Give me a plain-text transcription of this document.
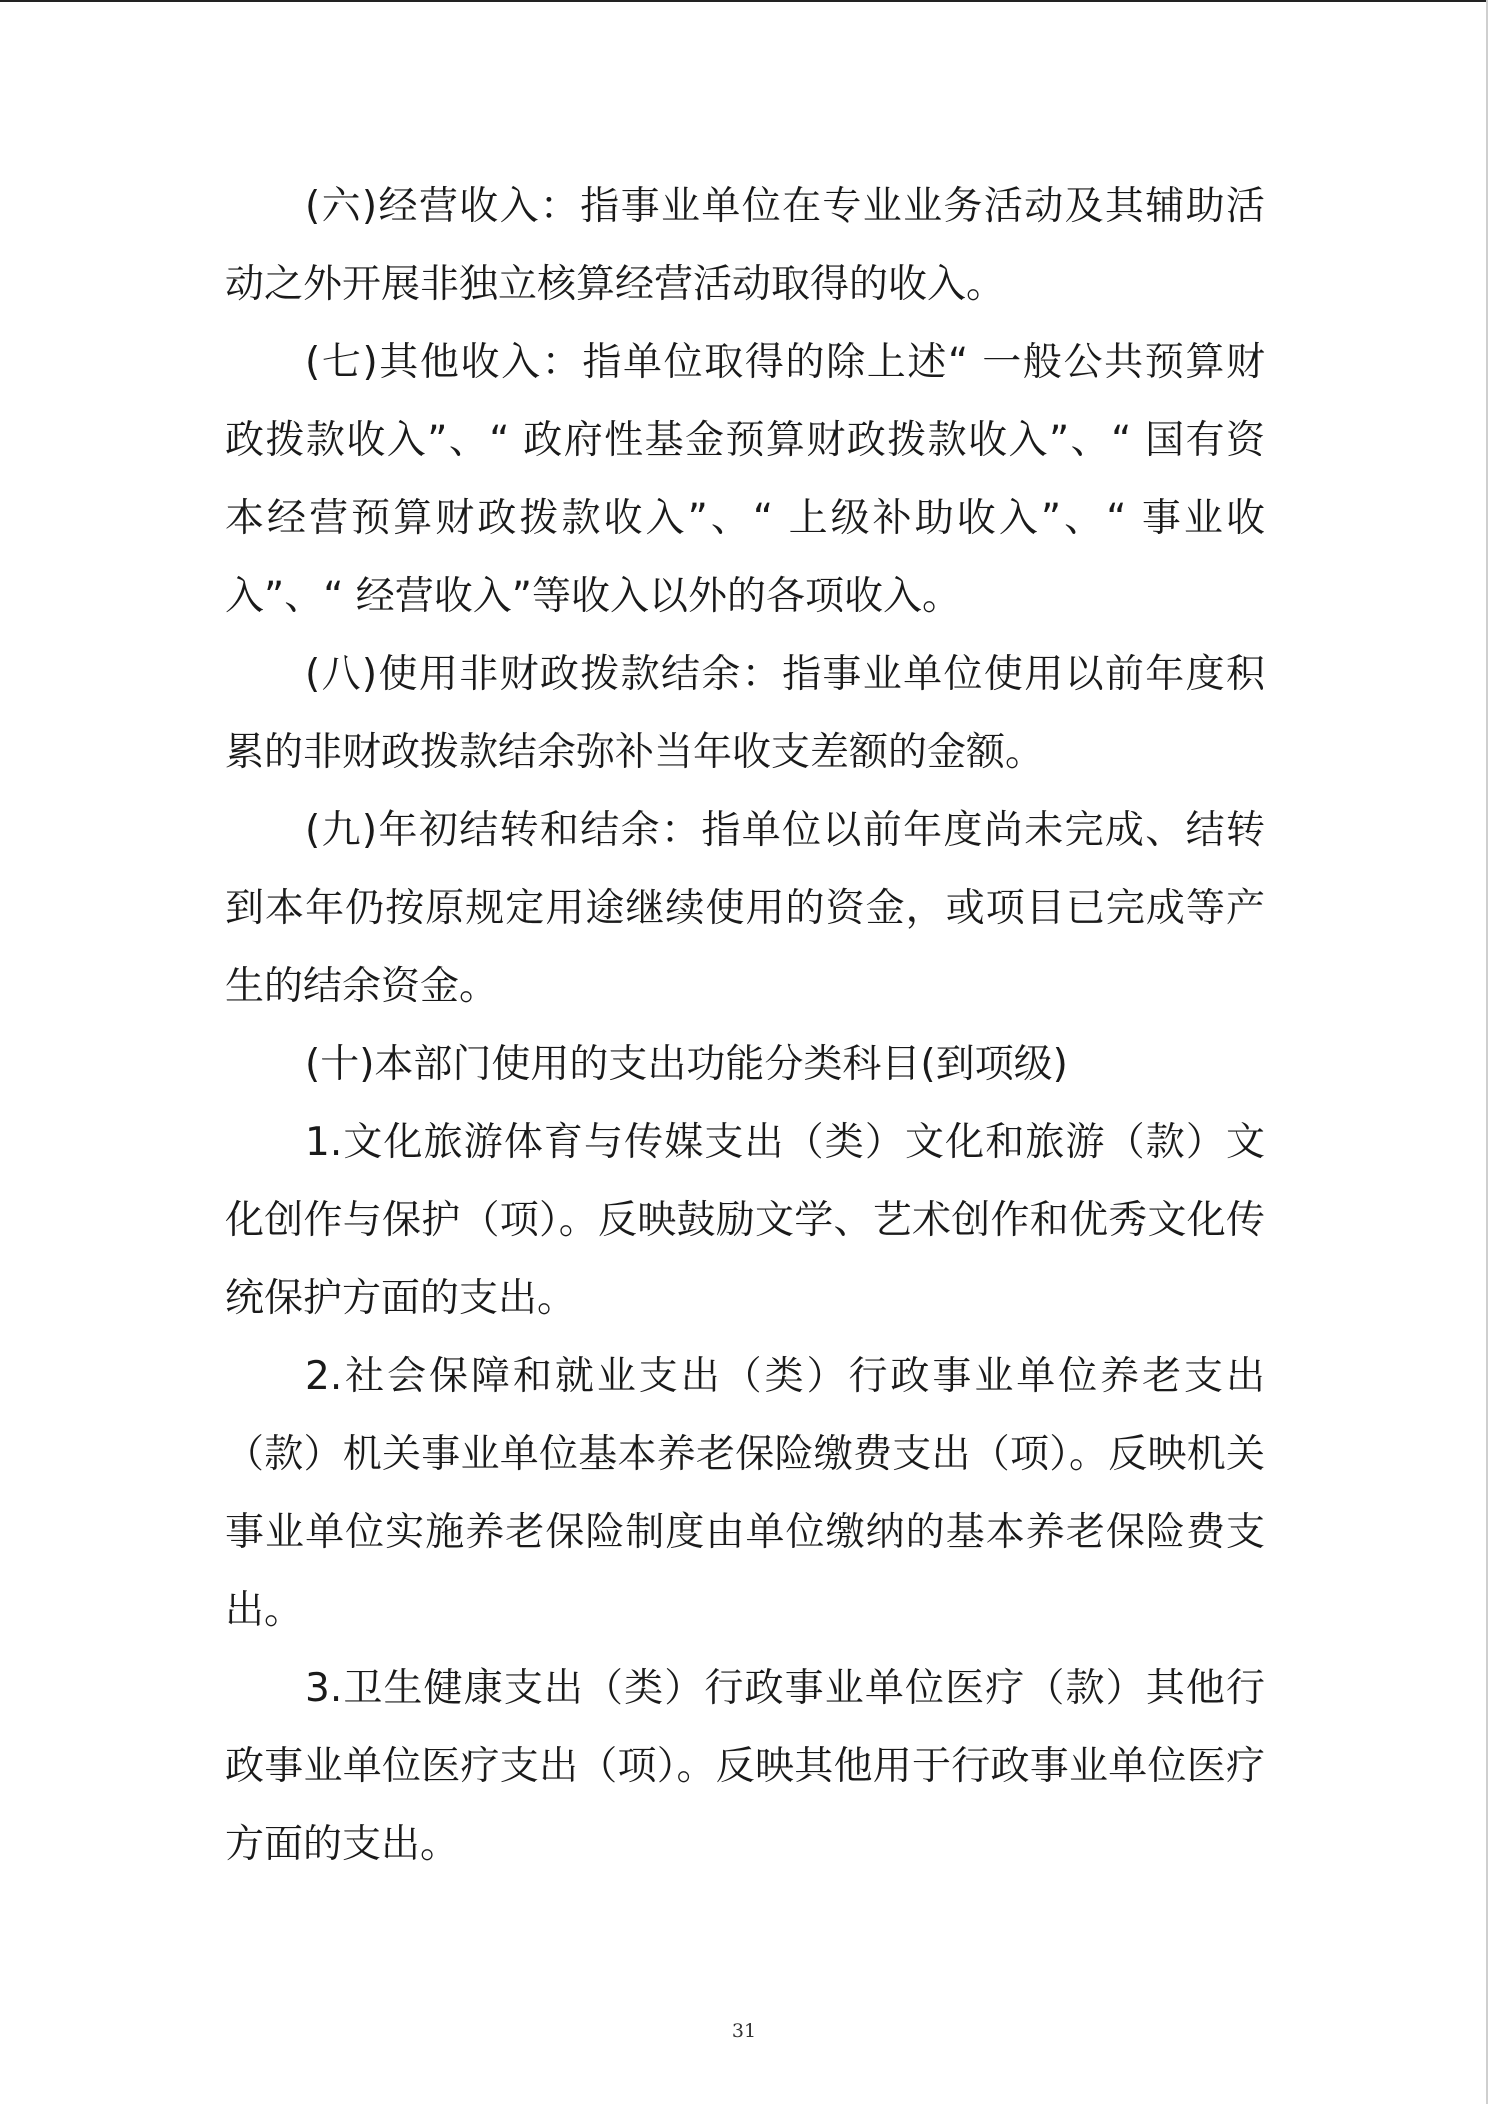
(六)经营收入：指事业单位在专业业务活动及其辅助活动之外开展非独立核算经营活动取得的收入。

(七)其他收入：指单位取得的除上述“ 一般公共预算财政拨款收入”、“ 政府性基金预算财政拨款收入”、“ 国有资本经营预算财政拨款收入”、“ 上级补助收入”、“ 事业收入”、“ 经营收入”等收入以外的各项收入。

(八)使用非财政拨款结余：指事业单位使用以前年度积累的非财政拨款结余弥补当年收支差额的金额。

(九)年初结转和结余：指单位以前年度尚未完成、结转到本年仍按原规定用途继续使用的资金，或项目已完成等产生的结余资金。

(十)本部门使用的支出功能分类科目(到项级)

1.文化旅游体育与传媒支出（类）文化和旅游（款）文化创作与保护（项）。反映鼓励文学、艺术创作和优秀文化传统保护方面的支出。

2.社会保障和就业支出（类）行政事业单位养老支出（款）机关事业单位基本养老保险缴费支出（项）。反映机关事业单位实施养老保险制度由单位缴纳的基本养老保险费支出。

3.卫生健康支出（类）行政事业单位医疗（款）其他行政事业单位医疗支出（项）。反映其他用于行政事业单位医疗方面的支出。

31
